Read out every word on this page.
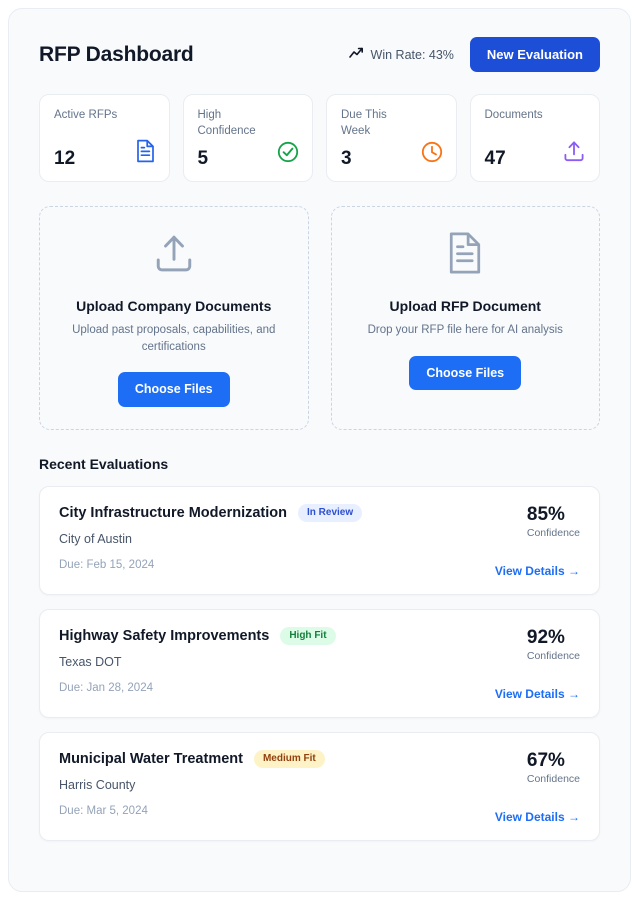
RFP Dashboard	Win Rate: 43%	New Evaluation
Active RFPs
12
High Confidence
5
Due This Week
3
Documents
47
Upload Company Documents
Upload past proposals, capabilities, and certifications
Choose Files
Upload RFP Document
Drop your RFP file here for AI analysis
Choose Files
Recent Evaluations
City Infrastructure Modernization	In Review
City of Austin
Due: Feb 15, 2024
85%
Confidence
View Details →
Highway Safety Improvements	High Fit
Texas DOT
Due: Jan 28, 2024
92%
Confidence
View Details →
Municipal Water Treatment	Medium Fit
Harris County
Due: Mar 5, 2024
67%
Confidence
View Details →
